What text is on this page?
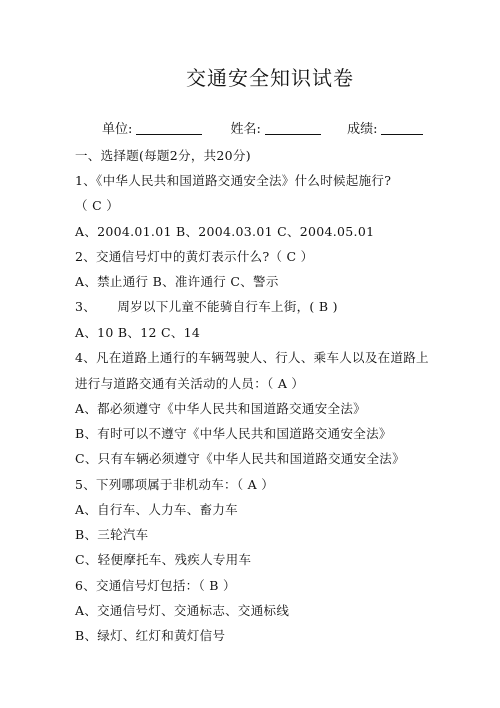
交通安全知识试卷
单位:	姓名:	成绩:
一、选择题(每题2分，共20分)
1、《中华人民共和国道路交通安全法》什么时候起施行?
（ C ）
A、2004.01.01 B、2004.03.01 C、2004.05.01
2、交通信号灯中的黄灯表示什么?（ C ）
A、禁止通行 B、准许通行 C、警示
3、     周岁以下儿童不能骑自行车上街，( B )
A、10 B、12 C、14
4、凡在道路上通行的车辆驾驶人、行人、乘车人以及在道路上
进行与道路交通有关活动的人员：（ A ）
A、都必须遵守《中华人民共和国道路交通安全法》
B、有时可以不遵守《中华人民共和国道路交通安全法》
C、只有车辆必须遵守《中华人民共和国道路交通安全法》
5、下列哪项属于非机动车：（ A ）
A、自行车、人力车、畜力车
B、三轮汽车
C、轻便摩托车、残疾人专用车
6、交通信号灯包括：（ B ）
A、交通信号灯、交通标志、交通标线
B、绿灯、红灯和黄灯信号
